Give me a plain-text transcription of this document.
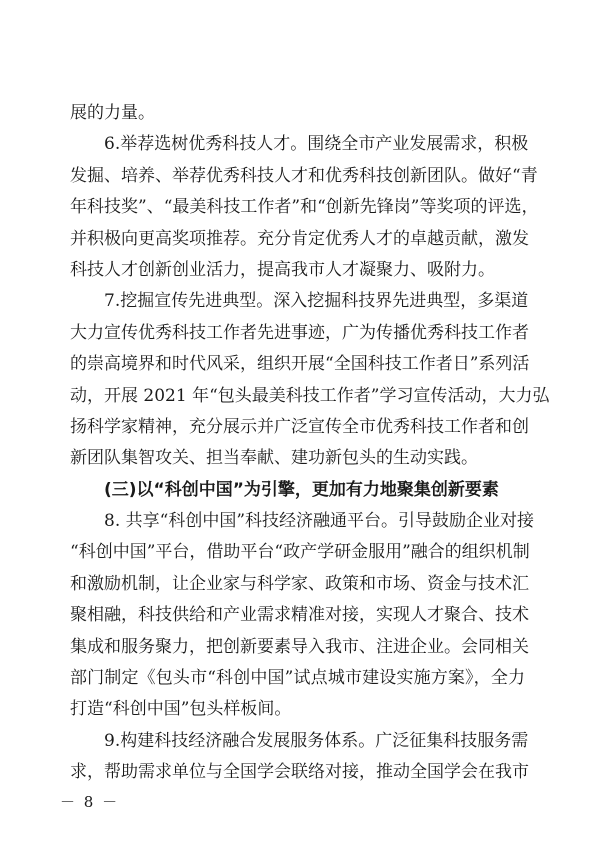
展的力量。
6.举荐选树优秀科技人才。围绕全市产业发展需求，积极
发掘、培养、举荐优秀科技人才和优秀科技创新团队。做好“青
年科技奖”、“最美科技工作者”和“创新先锋岗”等奖项的评选，
并积极向更高奖项推荐。充分肯定优秀人才的卓越贡献，激发
科技人才创新创业活力，提高我市人才凝聚力、吸附力。
7.挖掘宣传先进典型。深入挖掘科技界先进典型，多渠道
大力宣传优秀科技工作者先进事迹，广为传播优秀科技工作者
的崇高境界和时代风采，组织开展“全国科技工作者日”系列活
动，开展 2021 年“包头最美科技工作者”学习宣传活动，大力弘
扬科学家精神，充分展示并广泛宣传全市优秀科技工作者和创
新团队集智攻关、担当奉献、建功新包头的生动实践。
(三)以“科创中国”为引擎，更加有力地聚集创新要素
8. 共享“科创中国”科技经济融通平台。引导鼓励企业对接
“科创中国”平台，借助平台“政产学研金服用”融合的组织机制
和激励机制，让企业家与科学家、政策和市场、资金与技术汇
聚相融，科技供给和产业需求精准对接，实现人才聚合、技术
集成和服务聚力，把创新要素导入我市、注进企业。会同相关
部门制定《包头市“科创中国”试点城市建设实施方案》，全力
打造“科创中国”包头样板间。
9.构建科技经济融合发展服务体系。广泛征集科技服务需
求，帮助需求单位与全国学会联络对接，推动全国学会在我市
－ 8 －
